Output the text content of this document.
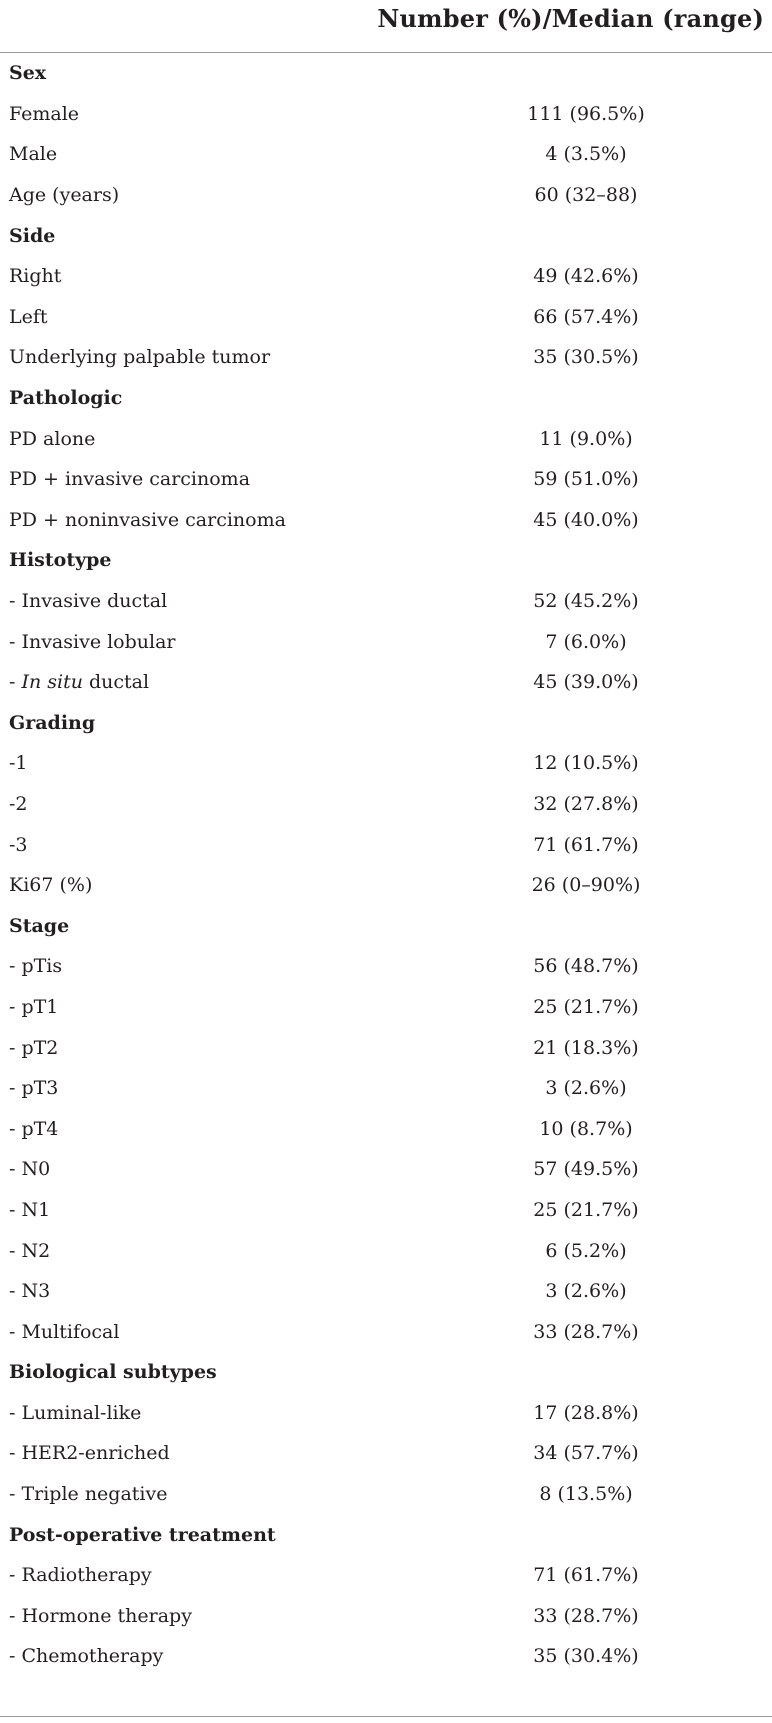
Number (%)/Median (range)
Sex
Female	111 (96.5%)
Male	4 (3.5%)
Age (years)	60 (32–88)
Side
Right	49 (42.6%)
Left	66 (57.4%)
Underlying palpable tumor	35 (30.5%)
Pathologic
PD alone	11 (9.0%)
PD + invasive carcinoma	59 (51.0%)
PD + noninvasive carcinoma	45 (40.0%)
Histotype
- Invasive ductal	52 (45.2%)
- Invasive lobular	7 (6.0%)
- In situ ductal	45 (39.0%)
Grading
-1	12 (10.5%)
-2	32 (27.8%)
-3	71 (61.7%)
Ki67 (%)	26 (0–90%)
Stage
- pTis	56 (48.7%)
- pT1	25 (21.7%)
- pT2	21 (18.3%)
- pT3	3 (2.6%)
- pT4	10 (8.7%)
- N0	57 (49.5%)
- N1	25 (21.7%)
- N2	6 (5.2%)
- N3	3 (2.6%)
- Multifocal	33 (28.7%)
Biological subtypes
- Luminal-like	17 (28.8%)
- HER2-enriched	34 (57.7%)
- Triple negative	8 (13.5%)
Post-operative treatment
- Radiotherapy	71 (61.7%)
- Hormone therapy	33 (28.7%)
- Chemotherapy	35 (30.4%)
